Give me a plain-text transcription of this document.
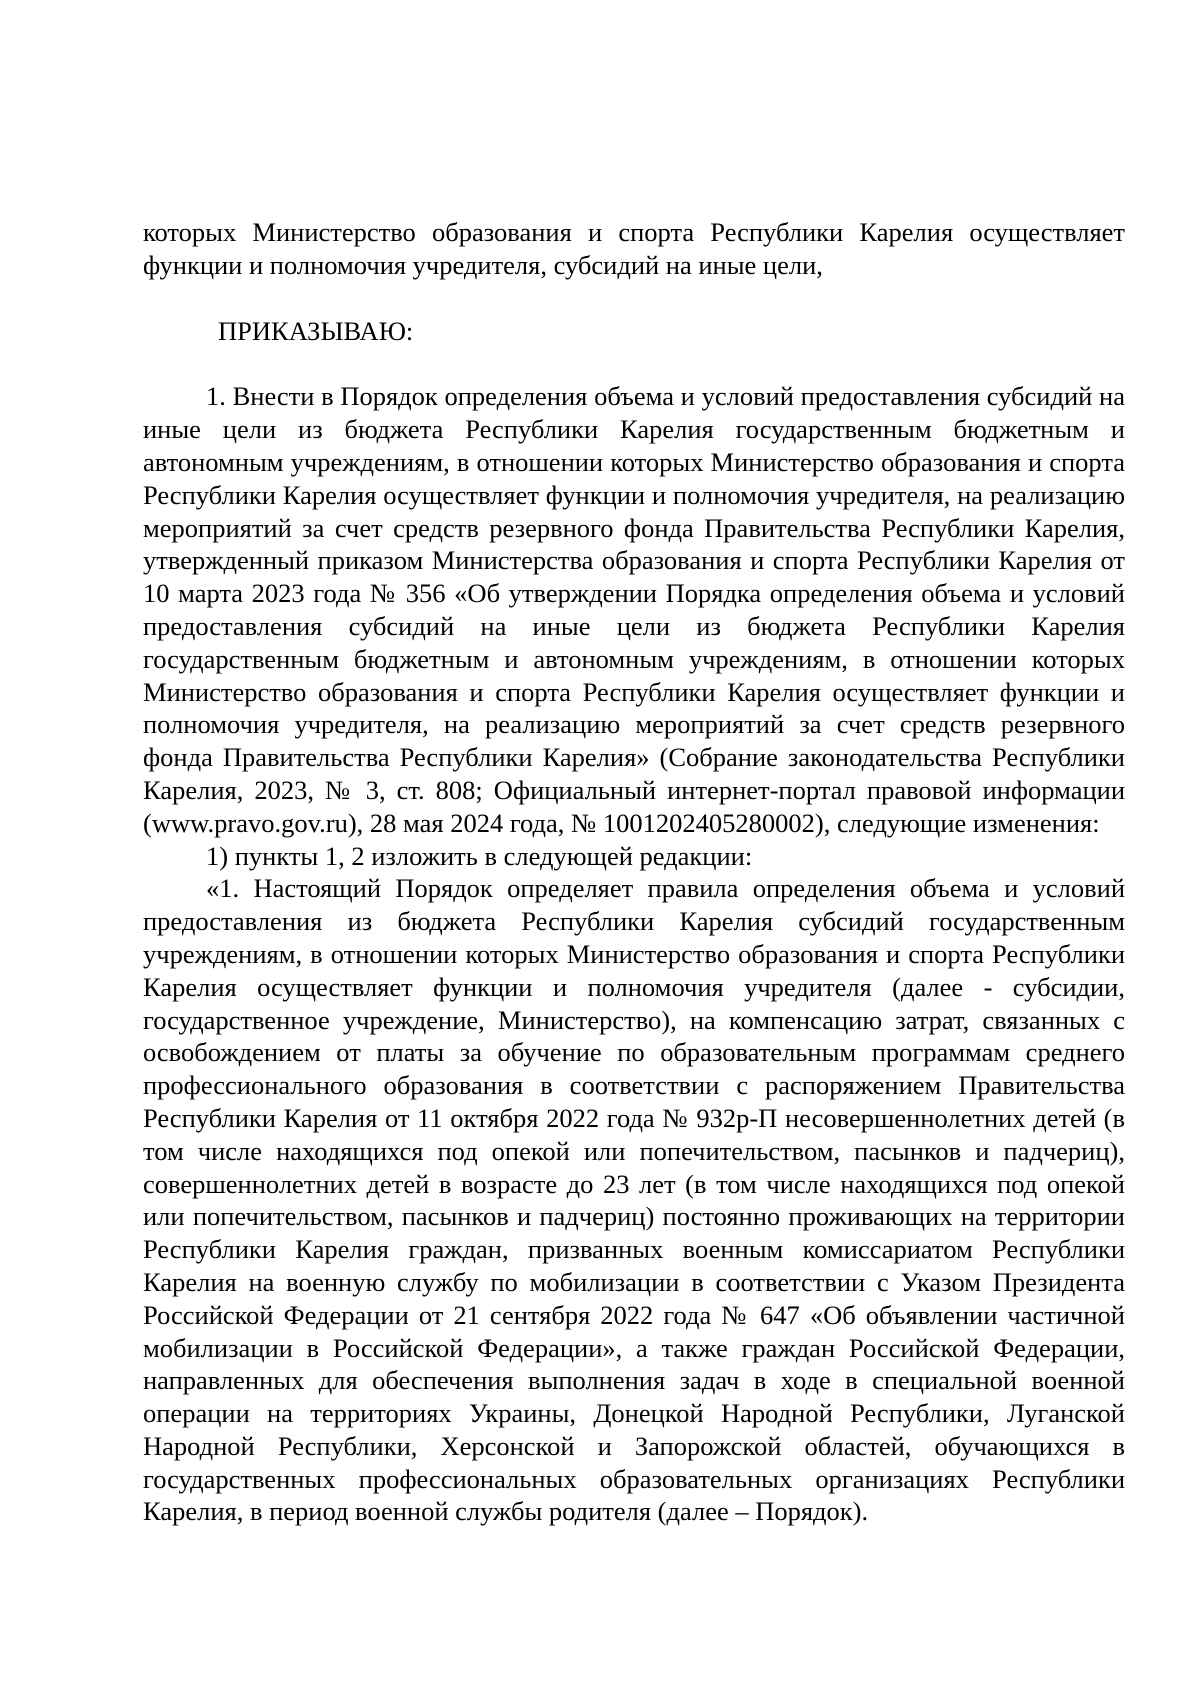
которых Министерство образования и спорта Республики Карелия осуществляет функции и полномочия учредителя, субсидий на иные цели,

ПРИКАЗЫВАЮ:

1. Внести в Порядок определения объема и условий предоставления субсидий на иные цели из бюджета Республики Карелия государственным бюджетным и автономным учреждениям, в отношении которых Министерство образования и спорта Республики Карелия осуществляет функции и полномочия учредителя, на реализацию мероприятий за счет средств резервного фонда Правительства Республики Карелия, утвержденный приказом Министерства образования и спорта Республики Карелия от 10 марта 2023 года № 356 «Об утверждении Порядка определения объема и условий предоставления субсидий на иные цели из бюджета Республики Карелия государственным бюджетным и автономным учреждениям, в отношении которых Министерство образования и спорта Республики Карелия осуществляет функции и полномочия учредителя, на реализацию мероприятий за счет средств резервного фонда Правительства Республики Карелия» (Собрание законодательства Республики Карелия, 2023, № 3, ст. 808; Официальный интернет-портал правовой информации (www.pravo.gov.ru), 28 мая 2024 года, № 1001202405280002), следующие изменения:

1) пункты 1, 2 изложить в следующей редакции:

«1. Настоящий Порядок определяет правила определения объема и условий предоставления из бюджета Республики Карелия субсидий государственным учреждениям, в отношении которых Министерство образования и спорта Республики Карелия осуществляет функции и полномочия учредителя (далее - субсидии, государственное учреждение, Министерство), на компенсацию затрат, связанных с освобождением от платы за обучение по образовательным программам среднего профессионального образования в соответствии с распоряжением Правительства Республики Карелия от 11 октября 2022 года № 932р-П несовершеннолетних детей (в том числе находящихся под опекой или попечительством, пасынков и падчериц), совершеннолетних детей в возрасте до 23 лет (в том числе находящихся под опекой или попечительством, пасынков и падчериц) постоянно проживающих на территории Республики Карелия граждан, призванных военным комиссариатом Республики Карелия на военную службу по мобилизации в соответствии с Указом Президента Российской Федерации от 21 сентября 2022 года № 647 «Об объявлении частичной мобилизации в Российской Федерации», а также граждан Российской Федерации, направленных для обеспечения выполнения задач в ходе в специальной военной операции на территориях Украины, Донецкой Народной Республики, Луганской Народной Республики, Херсонской и Запорожской областей, обучающихся в государственных профессиональных образовательных организациях Республики Карелия, в период военной службы родителя (далее – Порядок).
